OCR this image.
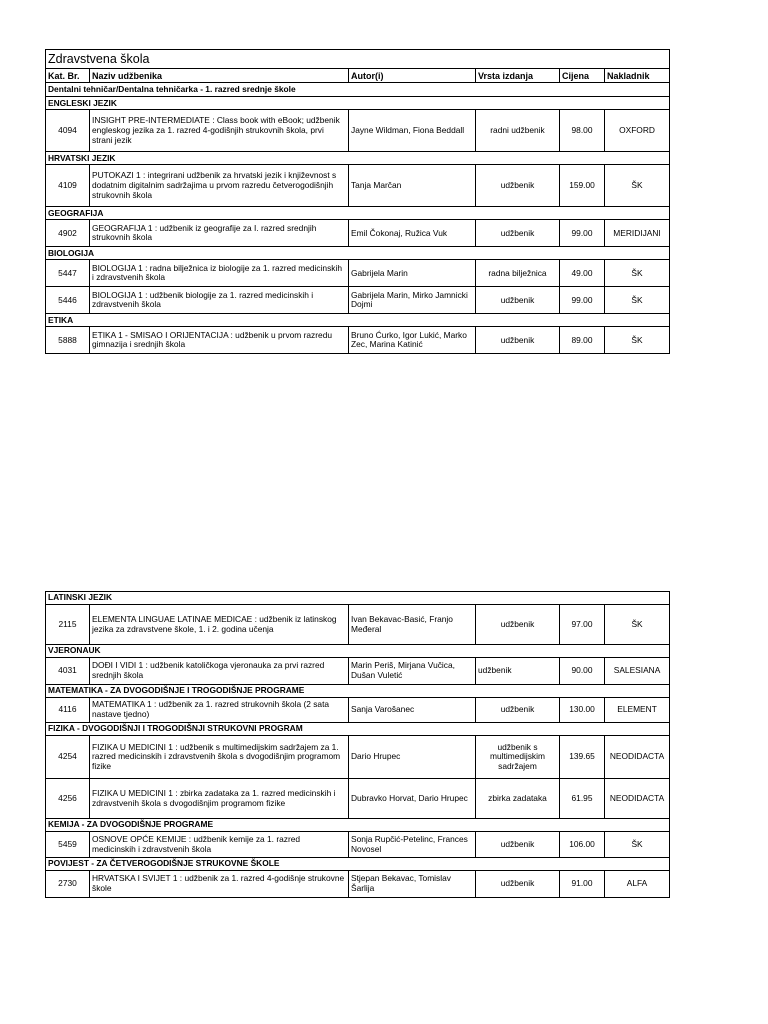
Zdravstvena škola					
Kat. Br.	Naziv udžbenika	Autor(i)	Vrsta izdanja	Cijena	Nakladnik
Dentalni tehničar/Dentalna tehničarka - 1. razred srednje škole					
ENGLESKI JEZIK					
4094	INSIGHT PRE-INTERMEDIATE : Class book with eBook; udžbenik engleskog jezika za 1. razred 4-godišnjih strukovnih škola, prvi strani jezik	Jayne Wildman, Fiona Beddall	radni udžbenik	98.00	OXFORD
HRVATSKI JEZIK					
4109	PUTOKAZI 1 : integrirani udžbenik za hrvatski jezik i književnost s dodatnim digitalnim sadržajima u prvom razredu četverogodišnjih strukovnih škola	Tanja Marčan	udžbenik	159.00	ŠK
GEOGRAFIJA					
4902	GEOGRAFIJA 1 : udžbenik iz geografije za I. razred srednjih strukovnih škola	Emil Čokonaj, Ružica Vuk	udžbenik	99.00	MERIDIJANI
BIOLOGIJA					
5447	BIOLOGIJA 1 : radna bilježnica iz biologije za 1. razred medicinskih i zdravstvenih škola	Gabrijela Marin	radna bilježnica	49.00	ŠK
5446	BIOLOGIJA 1 : udžbenik biologije za 1. razred medicinskih i zdravstvenih škola	Gabrijela Marin, Mirko Jamnicki Dojmi	udžbenik	99.00	ŠK
ETIKA					
5888	ETIKA 1 - SMISAO I ORIJENTACIJA : udžbenik u prvom razredu gimnazija i srednjih škola	Bruno Ćurko, Igor Lukić, Marko Zec, Marina Katinić	udžbenik	89.00	ŠK
LATINSKI JEZIK					
2115	ELEMENTA LINGUAE LATINAE MEDICAE : udžbenik iz latinskog jezika za zdravstvene škole, 1. i 2. godina učenja	Ivan Bekavac-Basić, Franjo Međeral	udžbenik	97.00	ŠK
VJERONAUK					
4031	DOĐI I VIDI 1 : udžbenik katoličkoga vjeronauka za prvi razred srednjih škola	Marin Periš, Mirjana Vučica, Dušan Vuletić	udžbenik	90.00	SALESIANA
MATEMATIKA - ZA DVOGODIŠNJE I TROGODIŠNJE PROGRAME					
4116	MATEMATIKA 1 : udžbenik za 1. razred strukovnih škola (2 sata nastave tjedno)	Sanja Varošanec	udžbenik	130.00	ELEMENT
FIZIKA - DVOGODIŠNJI I TROGODIŠNJI STRUKOVNI PROGRAM					
4254	FIZIKA U MEDICINI 1 : udžbenik s multimedijskim sadržajem za 1. razred medicinskih i zdravstvenih škola s dvogodišnjim programom fizike	Dario Hrupec	udžbenik s multimedijskim sadržajem	139.65	NEODIDACTA
4256	FIZIKA U MEDICINI 1 : zbirka zadataka za 1. razred medicinskih i zdravstvenih škola s dvogodišnjim programom fizike	Dubravko Horvat, Dario Hrupec	zbirka zadataka	61.95	NEODIDACTA
KEMIJA - ZA DVOGODIŠNJE PROGRAME					
5459	OSNOVE OPĆE KEMIJE : udžbenik kemije za 1. razred medicinskih i zdravstvenih škola	Sonja Rupčić-Petelinc, Frances Novosel	udžbenik	106.00	ŠK
POVIJEST - ZA ČETVEROGODIŠNJE STRUKOVNE ŠKOLE					
2730	HRVATSKA I SVIJET 1 : udžbenik za 1. razred 4-godišnje strukovne škole	Stjepan Bekavac, Tomislav Šarlija	udžbenik	91.00	ALFA
